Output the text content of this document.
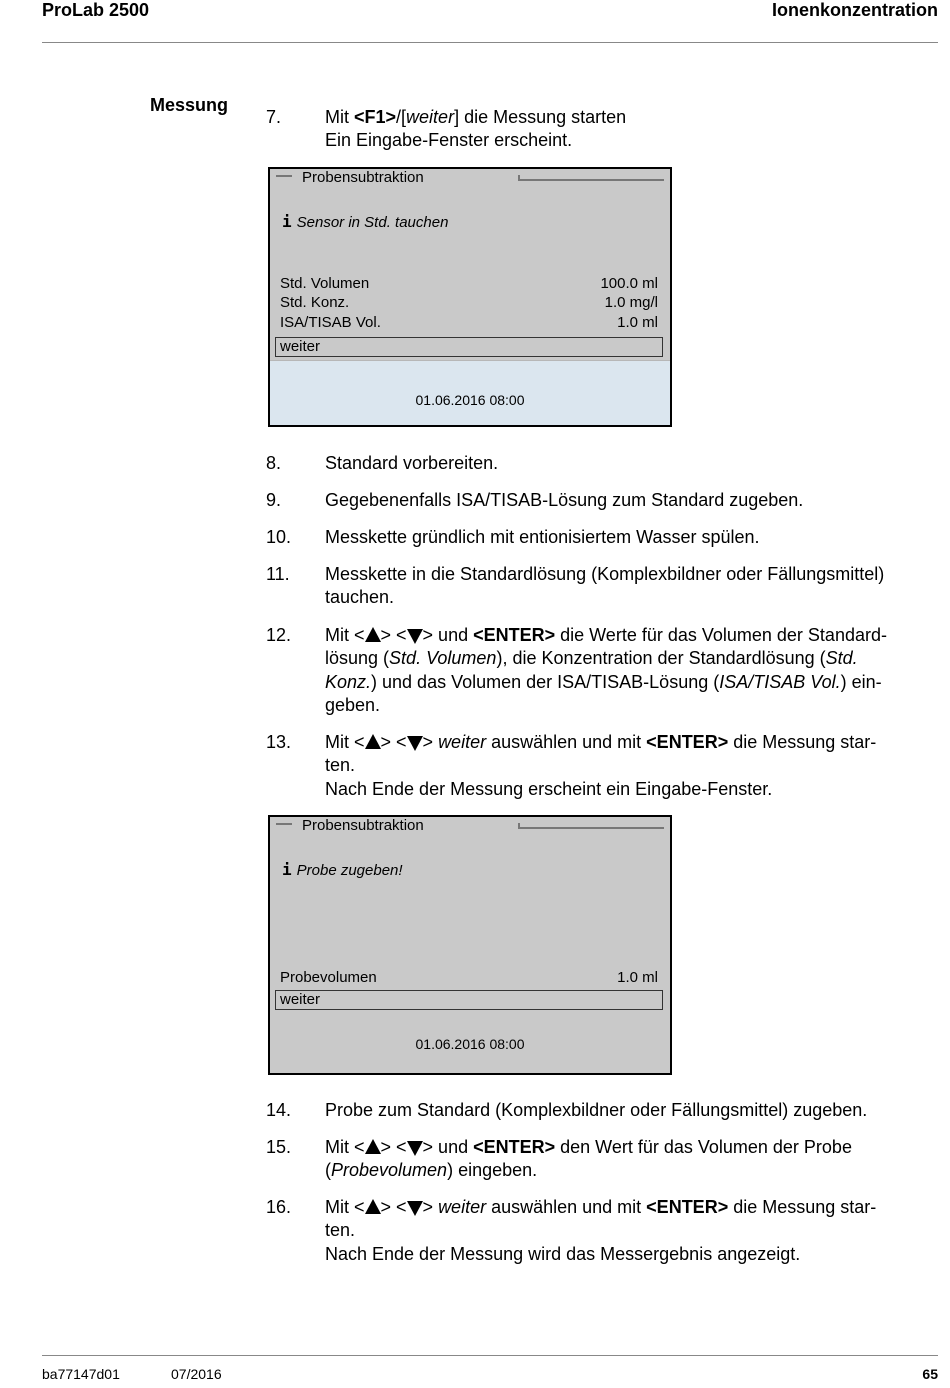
ProLab 2500	Ionenkonzentration
Messung
7. Mit <F1>/[weiter] die Messung starten
Ein Eingabe-Fenster erscheint.
Probensubtraktion
i Sensor in Std. tauchen
Std. Volumen	100.0 ml
Std. Konz.	1.0 mg/l
ISA/TISAB Vol.	1.0 ml
weiter
01.06.2016 08:00
8. Standard vorbereiten.
9. Gegebenenfalls ISA/TISAB-Lösung zum Standard zugeben.
10. Messkette gründlich mit entionisiertem Wasser spülen.
11. Messkette in die Standardlösung (Komplexbildner oder Fällungsmittel)
tauchen.
12. Mit < > < > und <ENTER> die Werte für das Volumen der Standard-
lösung (Std. Volumen), die Konzentration der Standardlösung (Std.
Konz.) und das Volumen der ISA/TISAB-Lösung (ISA/TISAB Vol.) ein-
geben.
13. Mit < > < > weiter auswählen und mit <ENTER> die Messung star-
ten.
Nach Ende der Messung erscheint ein Eingabe-Fenster.
Probensubtraktion
i Probe zugeben!
Probevolumen	1.0 ml
weiter
01.06.2016 08:00
14. Probe zum Standard (Komplexbildner oder Fällungsmittel) zugeben.
15. Mit < > < > und <ENTER> den Wert für das Volumen der Probe
(Probevolumen) eingeben.
16. Mit < > < > weiter auswählen und mit <ENTER> die Messung star-
ten.
Nach Ende der Messung wird das Messergebnis angezeigt.
ba77147d01	07/2016	65
